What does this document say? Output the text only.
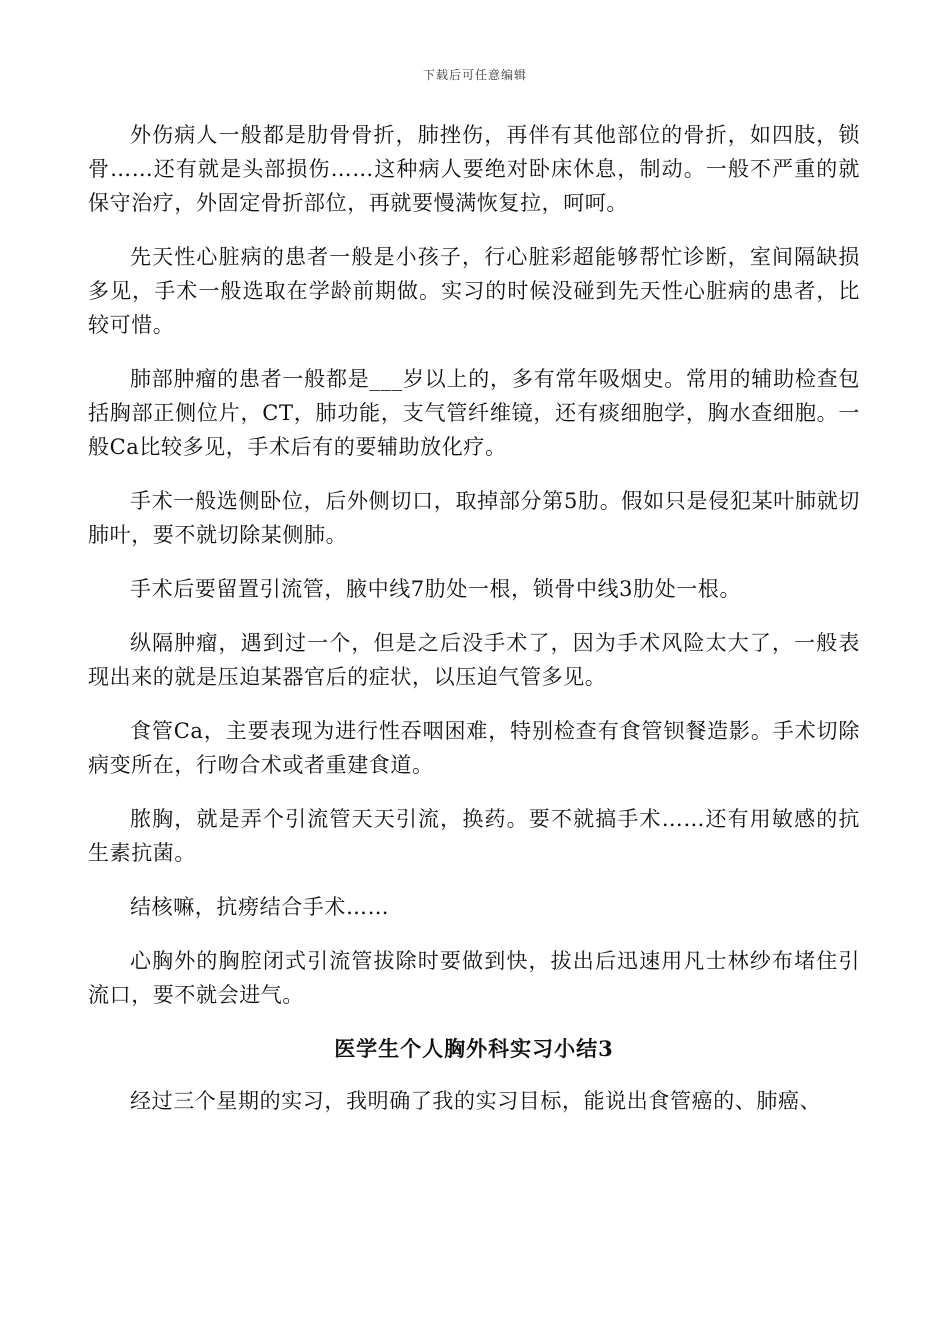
下载后可任意编辑

外伤病人一般都是肋骨骨折，肺挫伤，再伴有其他部位的骨折，如四肢，锁骨……还有就是头部损伤……这种病人要绝对卧床休息，制动。一般不严重的就保守治疗，外固定骨折部位，再就要慢满恢复拉，呵呵。

先天性心脏病的患者一般是小孩子，行心脏彩超能够帮忙诊断，室间隔缺损多见，手术一般选取在学龄前期做。实习的时候没碰到先天性心脏病的患者，比较可惜。

肺部肿瘤的患者一般都是___岁以上的，多有常年吸烟史。常用的辅助检查包括胸部正侧位片，CT，肺功能，支气管纤维镜，还有痰细胞学，胸水查细胞。一般Ca比较多见，手术后有的要辅助放化疗。

手术一般选侧卧位，后外侧切口，取掉部分第5肋。假如只是侵犯某叶肺就切肺叶，要不就切除某侧肺。

手术后要留置引流管，腋中线7肋处一根，锁骨中线3肋处一根。

纵隔肿瘤，遇到过一个，但是之后没手术了，因为手术风险太大了，一般表现出来的就是压迫某器官后的症状，以压迫气管多见。

食管Ca，主要表现为进行性吞咽困难，特别检查有食管钡餐造影。手术切除病变所在，行吻合术或者重建食道。

脓胸，就是弄个引流管天天引流，换药。要不就搞手术……还有用敏感的抗生素抗菌。

结核嘛，抗痨结合手术……

心胸外的胸腔闭式引流管拔除时要做到快，拔出后迅速用凡士林纱布堵住引流口，要不就会进气。

医学生个人胸外科实习小结3

经过三个星期的实习，我明确了我的实习目标，能说出食管癌的、肺癌、
